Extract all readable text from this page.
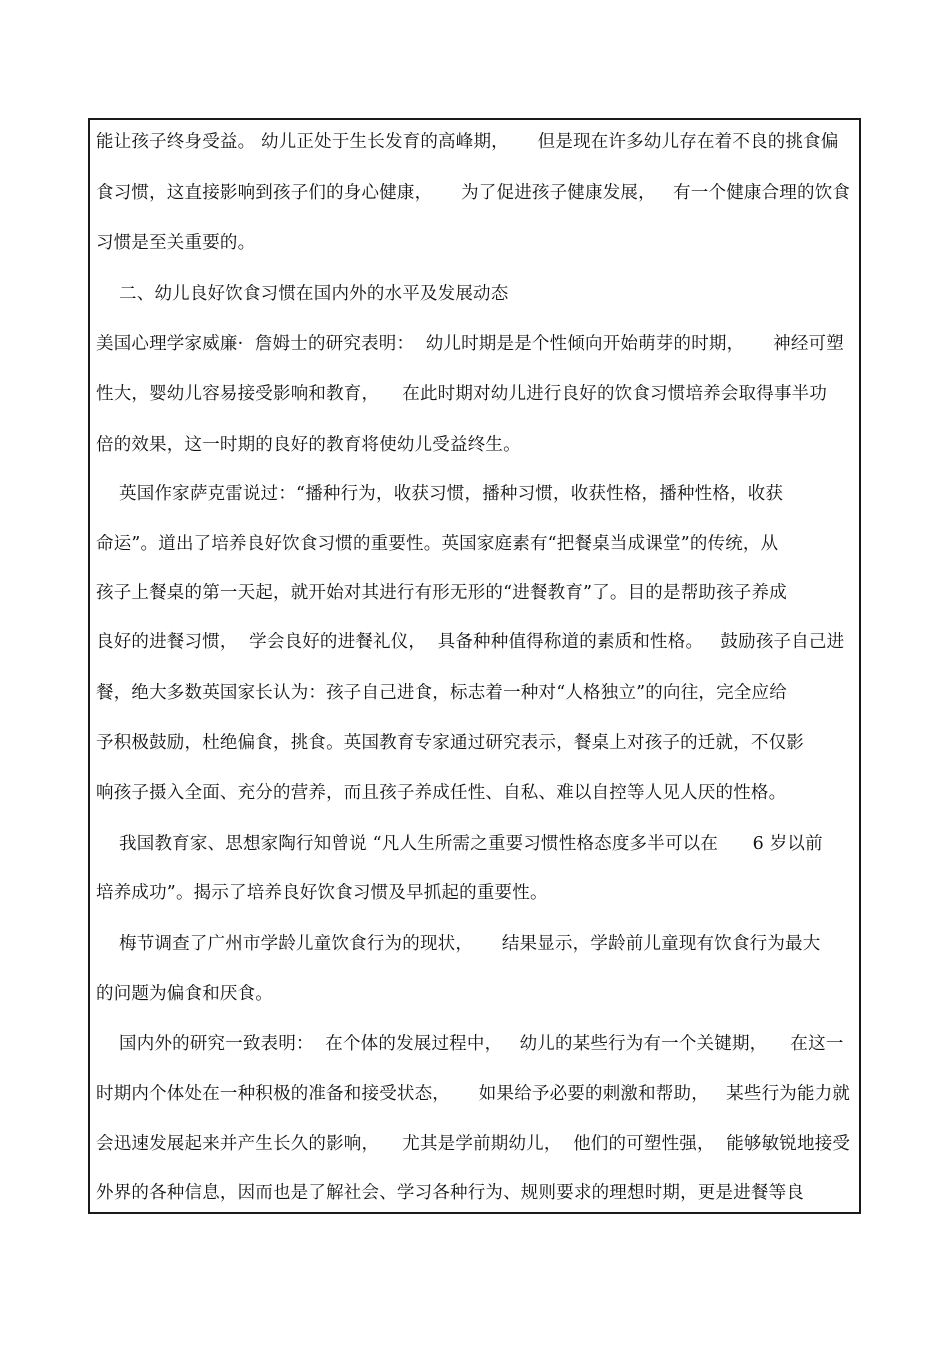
能让孩子终身受益。 幼儿正处于生长发育的高峰期，     但是现在许多幼儿存在着不良的挑食偏
食习惯，这直接影响到孩子们的身心健康，     为了促进孩子健康发展，   有一个健康合理的饮食
习惯是至关重要的。
二、幼儿良好饮食习惯在国内外的水平及发展动态
美国心理学家威廉·  詹姆士的研究表明：  幼儿时期是是个性倾向开始萌芽的时期，     神经可塑
性大，婴幼儿容易接受影响和教育，    在此时期对幼儿进行良好的饮食习惯培养会取得事半功
倍的效果，这一时期的良好的教育将使幼儿受益终生。
英国作家萨克雷说过：“播种行为，收获习惯，播种习惯，收获性格，播种性格，收获
命运”。道出了培养良好饮食习惯的重要性。英国家庭素有“把餐桌当成课堂”的传统，从
孩子上餐桌的第一天起，就开始对其进行有形无形的“进餐教育”了。目的是帮助孩子养成
良好的进餐习惯，  学会良好的进餐礼仪，  具备种种值得称道的素质和性格。   鼓励孩子自己进
餐，绝大多数英国家长认为：孩子自己进食，标志着一种对“人格独立”的向往，完全应给
予积极鼓励，杜绝偏食，挑食。英国教育专家通过研究表示，餐桌上对孩子的迁就，不仅影
响孩子摄入全面、充分的营养，而且孩子养成任性、自私、难以自控等人见人厌的性格。
我国教育家、思想家陶行知曾说 “凡人生所需之重要习惯性格态度多半可以在      6 岁以前
培养成功”。揭示了培养良好饮食习惯及早抓起的重要性。
梅节调查了广州市学龄儿童饮食行为的现状，     结果显示，学龄前儿童现有饮食行为最大
的问题为偏食和厌食。
国内外的研究一致表明：  在个体的发展过程中，   幼儿的某些行为有一个关键期，    在这一
时期内个体处在一种积极的准备和接受状态，     如果给予必要的刺激和帮助，   某些行为能力就
会迅速发展起来并产生长久的影响，    尤其是学前期幼儿，  他们的可塑性强，  能够敏锐地接受
外界的各种信息，因而也是了解社会、学习各种行为、规则要求的理想时期，更是进餐等良
